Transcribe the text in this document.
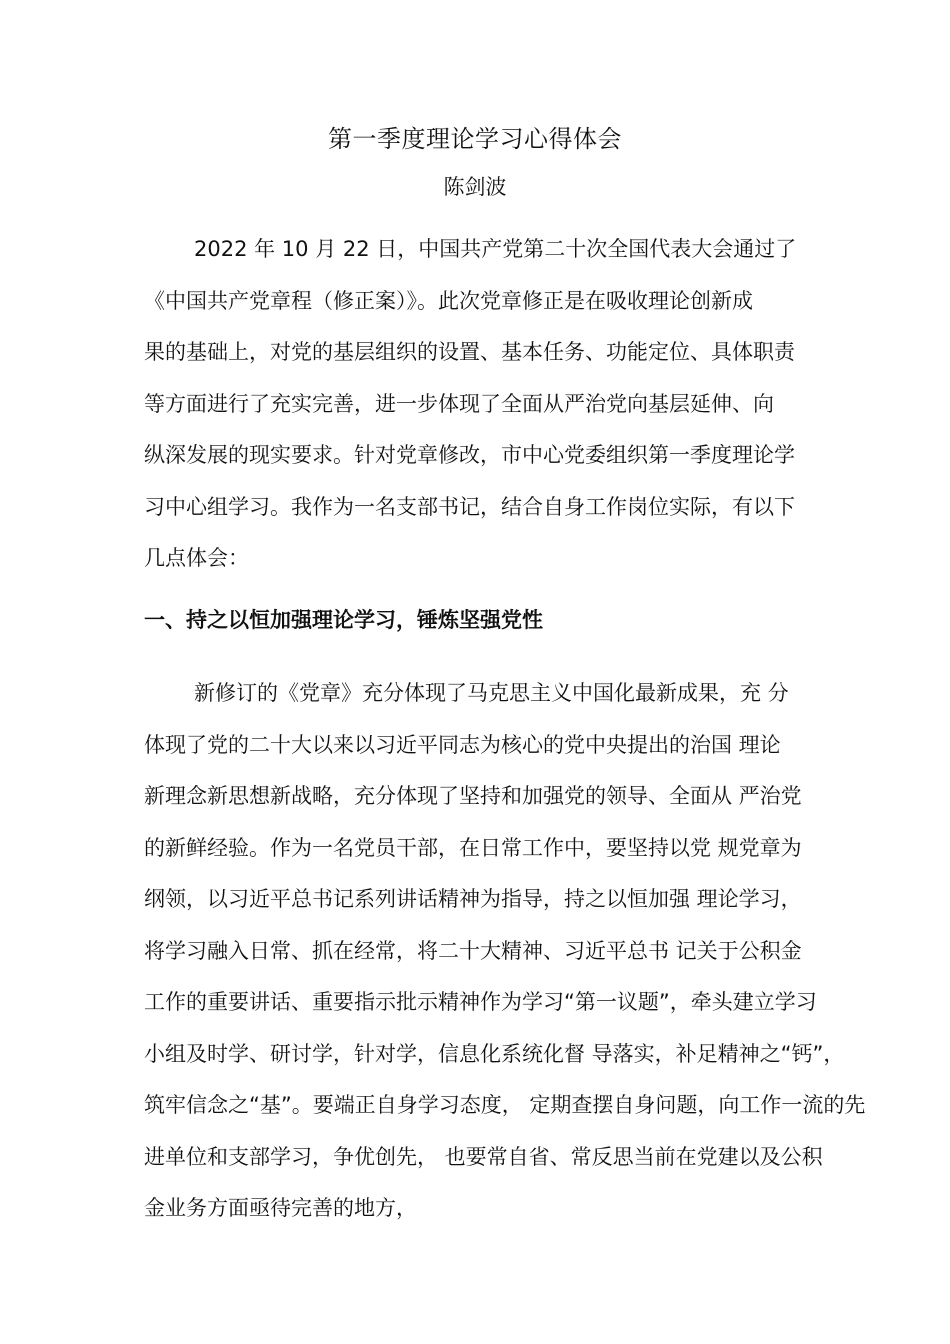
第一季度理论学习心得体会

陈剑波

2022 年 10 月 22 日，中国共产党第二十次全国代表大会通过了
《中国共产党章程（修正案）》。此次党章修正是在吸收理论创新成
果的基础上，对党的基层组织的设置、基本任务、功能定位、具体职责
等方面进行了充实完善，进一步体现了全面从严治党向基层延伸、向
纵深发展的现实要求。针对党章修改，市中心党委组织第一季度理论学
习中心组学习。我作为一名支部书记，结合自身工作岗位实际，有以下
几点体会：
一、持之以恒加强理论学习，锤炼坚强党性
新修订的《党章》充分体现了马克思主义中国化最新成果，充 分
体现了党的二十大以来以习近平同志为核心的党中央提出的治国 理论
新理念新思想新战略，充分体现了坚持和加强党的领导、全面从 严治党
的新鲜经验。作为一名党员干部，在日常工作中，要坚持以党 规党章为
纲领，以习近平总书记系列讲话精神为指导，持之以恒加强 理论学习，
将学习融入日常、抓在经常，将二十大精神、习近平总书 记关于公积金
工作的重要讲话、重要指示批示精神作为学习“第一议题”，牵头建立学习
小组及时学、研讨学，针对学，信息化系统化督 导落实，补足精神之“钙”，
筑牢信念之“基”。要端正自身学习态度， 定期查摆自身问题，向工作一流的先
进单位和支部学习，争优创先， 也要常自省、常反思当前在党建以及公积
金业务方面亟待完善的地方，
